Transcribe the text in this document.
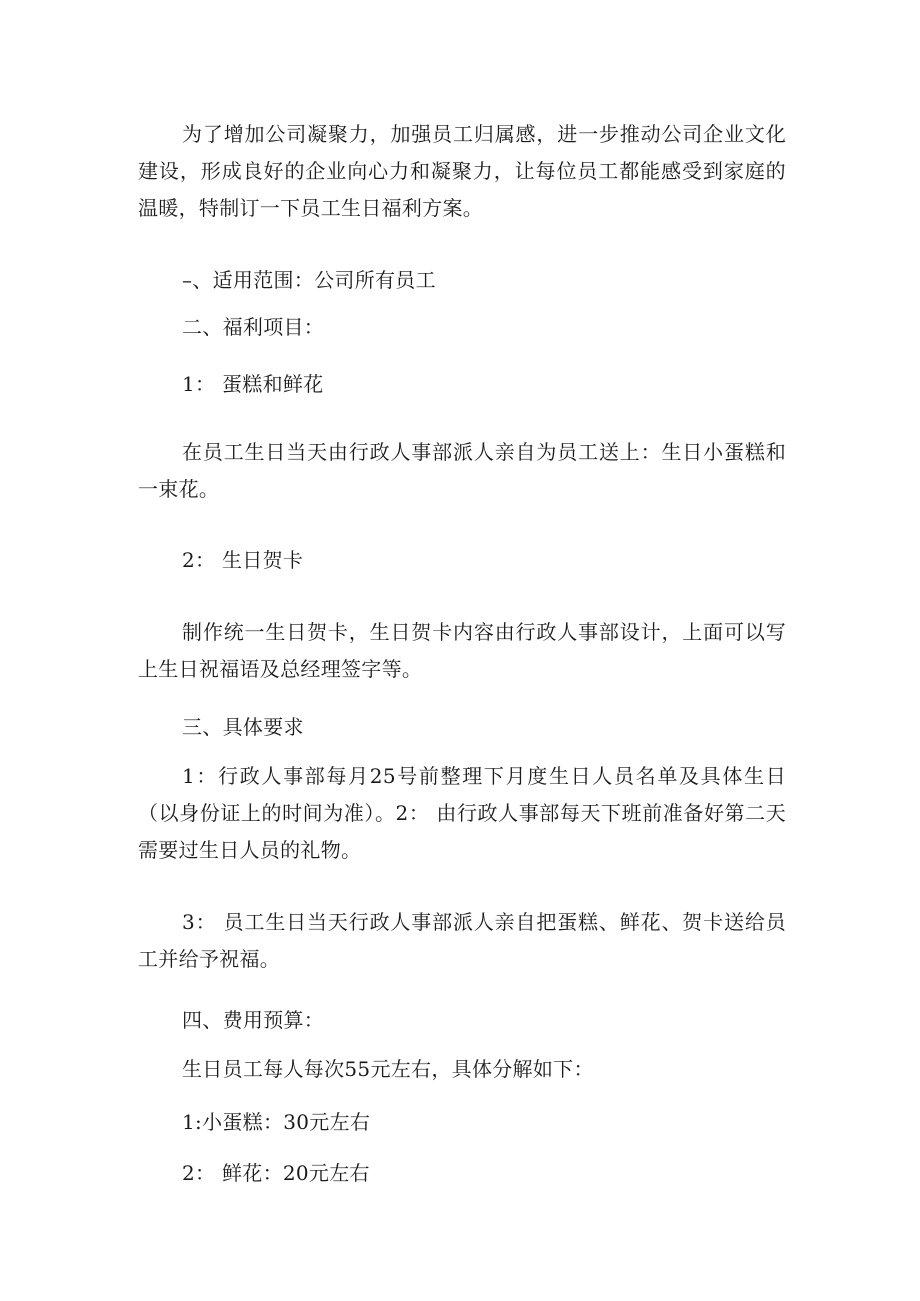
为了增加公司凝聚力，加强员工归属感，进一步推动公司企业文化建设，形成良好的企业向心力和凝聚力，让每位员工都能感受到家庭的温暖，特制订一下员工生日福利方案。

–、适用范围：公司所有员工

二、福利项目：

1： 蛋糕和鲜花

在员工生日当天由行政人事部派人亲自为员工送上：生日小蛋糕和一束花。

2： 生日贺卡

制作统一生日贺卡，生日贺卡内容由行政人事部设计，上面可以写上生日祝福语及总经理签字等。

三、具体要求

1：行政人事部每月25号前整理下月度生日人员名单及具体生日（以身份证上的时间为准）。2： 由行政人事部每天下班前准备好第二天需要过生日人员的礼物。

3： 员工生日当天行政人事部派人亲自把蛋糕、鲜花、贺卡送给员工并给予祝福。

四、费用预算：

生日员工每人每次55元左右，具体分解如下：

1:小蛋糕：30元左右

2： 鲜花：20元左右
